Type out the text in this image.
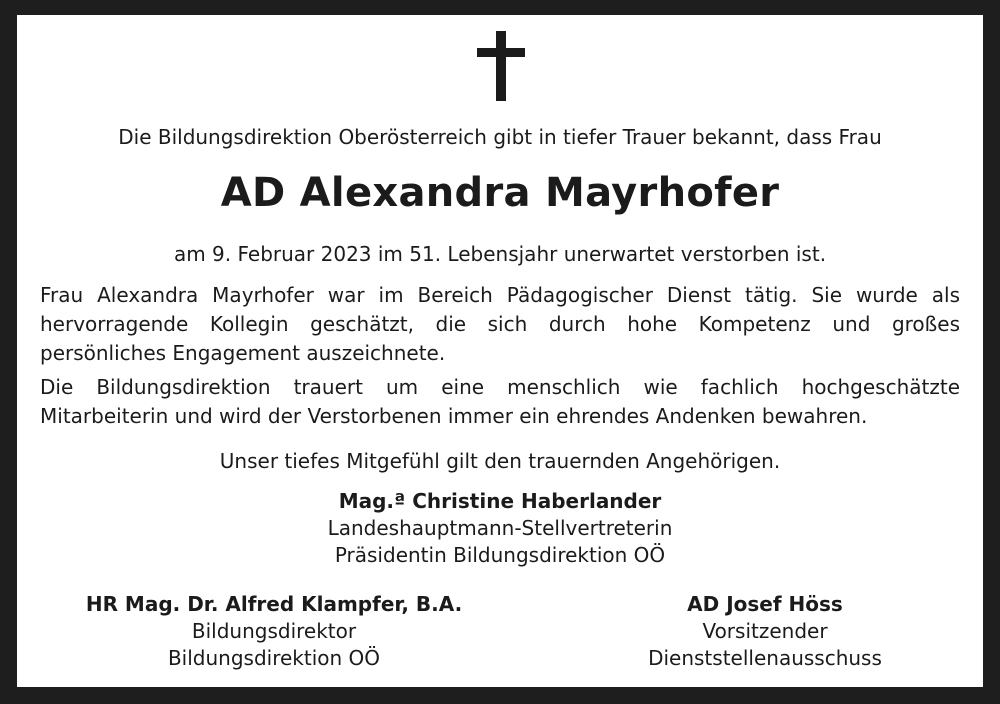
Die Bildungsdirektion Oberösterreich gibt in tiefer Trauer bekannt, dass Frau
AD Alexandra Mayrhofer
am 9. Februar 2023 im 51. Lebensjahr unerwartet verstorben ist.
Frau Alexandra Mayrhofer war im Bereich Pädagogischer Dienst tätig. Sie wurde als
hervorragende Kollegin geschätzt, die sich durch hohe Kompetenz und großes
persönliches Engagement auszeichnete.
Die Bildungsdirektion trauert um eine menschlich wie fachlich hochgeschätzte
Mitarbeiterin und wird der Verstorbenen immer ein ehrendes Andenken bewahren.
Unser tiefes Mitgefühl gilt den trauernden Angehörigen.
Mag.ª Christine Haberlander
Landeshauptmann-Stellvertreterin
Präsidentin Bildungsdirektion OÖ
HR Mag. Dr. Alfred Klampfer, B.A.
Bildungsdirektor
Bildungsdirektion OÖ
AD Josef Höss
Vorsitzender
Dienststellenausschuss
